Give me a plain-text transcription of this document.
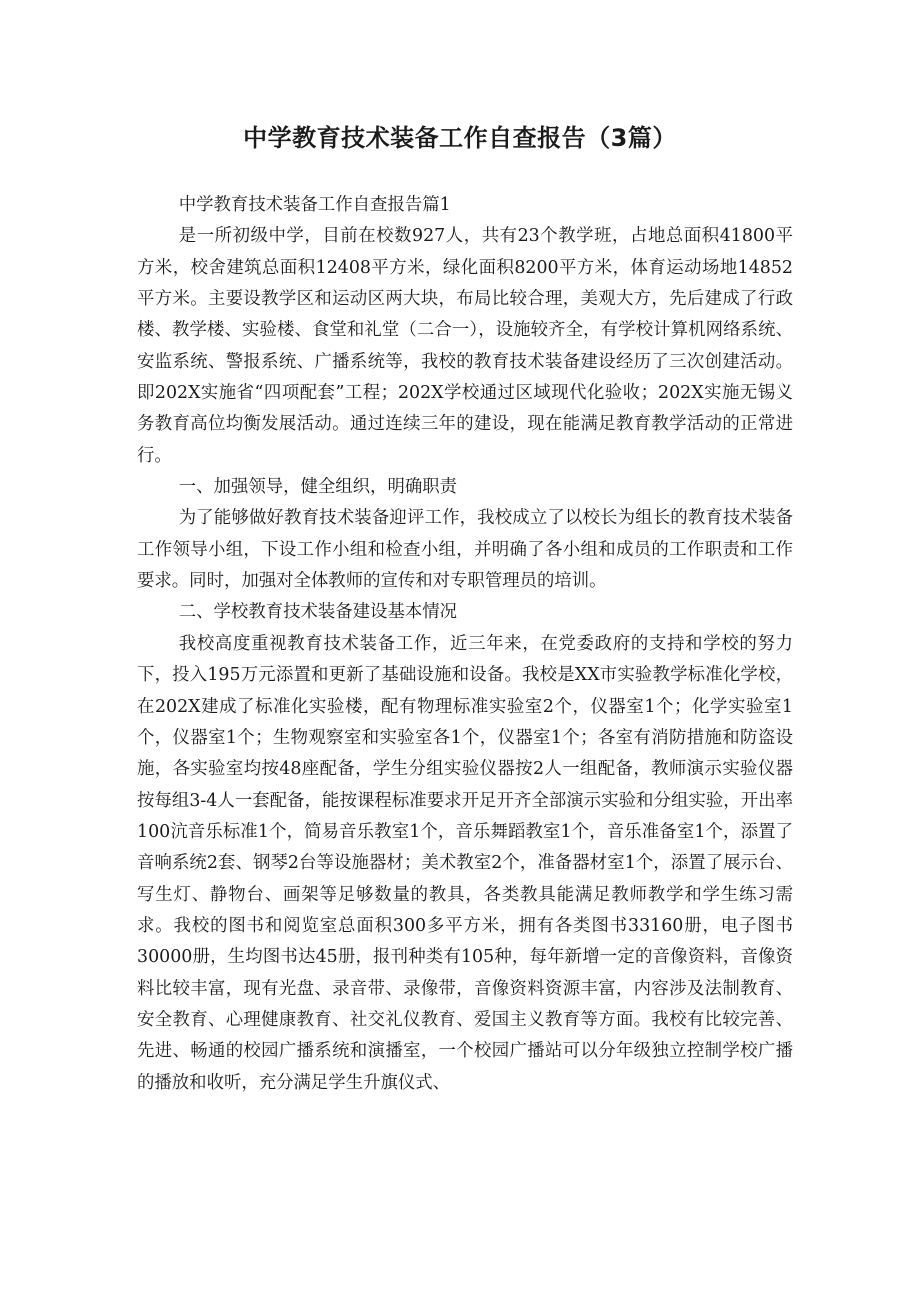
中学教育技术装备工作自查报告（3篇）

中学教育技术装备工作自查报告篇1

是一所初级中学，目前在校数927人，共有23个教学班，占地总面积41800平方米，校舍建筑总面积12408平方米，绿化面积8200平方米，体育运动场地14852平方米。主要设教学区和运动区两大块，布局比较合理，美观大方，先后建成了行政楼、教学楼、实验楼、食堂和礼堂（二合一），设施较齐全，有学校计算机网络系统、安监系统、警报系统、广播系统等，我校的教育技术装备建设经历了三次创建活动。即202X实施省“四项配套”工程；202X学校通过区域现代化验收；202X实施无锡义务教育高位均衡发展活动。通过连续三年的建设，现在能满足教育教学活动的正常进行。

一、加强领导，健全组织，明确职责

为了能够做好教育技术装备迎评工作，我校成立了以校长为组长的教育技术装备工作领导小组，下设工作小组和检查小组，并明确了各小组和成员的工作职责和工作要求。同时，加强对全体教师的宣传和对专职管理员的培训。

二、学校教育技术装备建设基本情况

我校高度重视教育技术装备工作，近三年来，在党委政府的支持和学校的努力下，投入195万元添置和更新了基础设施和设备。我校是XX市实验教学标准化学校，在202X建成了标准化实验楼，配有物理标准实验室2个，仪器室1个；化学实验室1个，仪器室1个；生物观察室和实验室各1个，仪器室1个；各室有消防措施和防盗设施，各实验室均按48座配备，学生分组实验仪器按2人一组配备，教师演示实验仪器按每组3-4人一套配备，能按课程标准要求开足开齐全部演示实验和分组实验，开出率100沆音乐标准1个，简易音乐教室1个，音乐舞蹈教室1个，音乐准备室1个，添置了音响系统2套、钢琴2台等设施器材；美术教室2个，准备器材室1个，添置了展示台、写生灯、静物台、画架等足够数量的教具，各类教具能满足教师教学和学生练习需求。我校的图书和阅览室总面积300多平方米，拥有各类图书33160册，电子图书30000册，生均图书达45册，报刊种类有105种，每年新增一定的音像资料，音像资料比较丰富，现有光盘、录音带、录像带，音像资料资源丰富，内容涉及法制教育、安全教育、心理健康教育、社交礼仪教育、爱国主义教育等方面。我校有比较完善、先进、畅通的校园广播系统和演播室，一个校园广播站可以分年级独立控制学校广播的播放和收听，充分满足学生升旗仪式、
